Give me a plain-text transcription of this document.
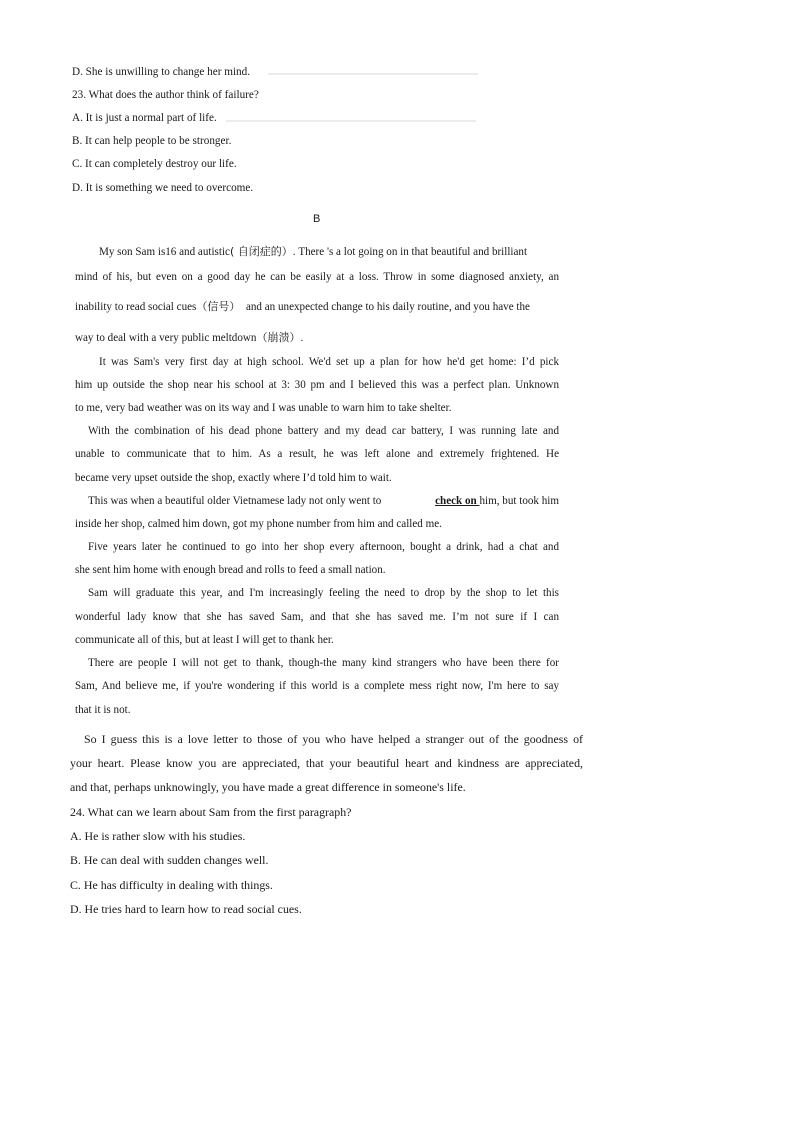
D. She is unwilling to change her mind.
23. What does the author think of failure?
A. It is just a normal part of life.
B. It can help people to be stronger.
C. It can completely destroy our life.
D. It is something we need to overcome.
B
My son Sam is16 and autistic( 自闭症的）. There 's a lot going on in that beautiful and brilliant
mind of his, but even on a good day he can be easily at a loss. Throw in some diagnosed anxiety, an
inability to read social cues（信号） and an unexpected change to his daily routine, and you have the
way to deal with a very public meltdown（崩溃）.
It was Sam's very first day at high school. We'd set up a plan for how he'd get home: I’d pick
him up outside the shop near his school at 3: 30 pm and I believed this was a perfect plan. Unknown
to me, very bad weather was on its way and I was unable to warn him to take shelter.
With the combination of his dead phone battery and my dead car battery, I was running late and
unable to communicate that to him. As a result, he was left alone and extremely frightened. He
became very upset outside the shop, exactly where I’d told him to wait.
This was when a beautiful older Vietnamese lady not only went to	check on him, but took him
inside her shop, calmed him down, got my phone number from him and called me.
Five years later he continued to go into her shop every afternoon, bought a drink, had a chat and
she sent him home with enough bread and rolls to feed a small nation.
Sam will graduate this year, and I'm increasingly feeling the need to drop by the shop to let this
wonderful lady know that she has saved Sam, and that she has saved me. I’m not sure if I can
communicate all of this, but at least I will get to thank her.
There are people I will not get to thank, though-the many kind strangers who have been there for
Sam, And believe me, if you're wondering if this world is a complete mess right now, I'm here to say
that it is not.
So I guess this is a love letter to those of you who have helped a stranger out of the goodness of
your heart. Please know you are appreciated, that your beautiful heart and kindness are appreciated,
and that, perhaps unknowingly, you have made a great difference in someone's life.
24. What can we learn about Sam from the first paragraph?
A. He is rather slow with his studies.
B. He can deal with sudden changes well.
C. He has difficulty in dealing with things.
D. He tries hard to learn how to read social cues.
